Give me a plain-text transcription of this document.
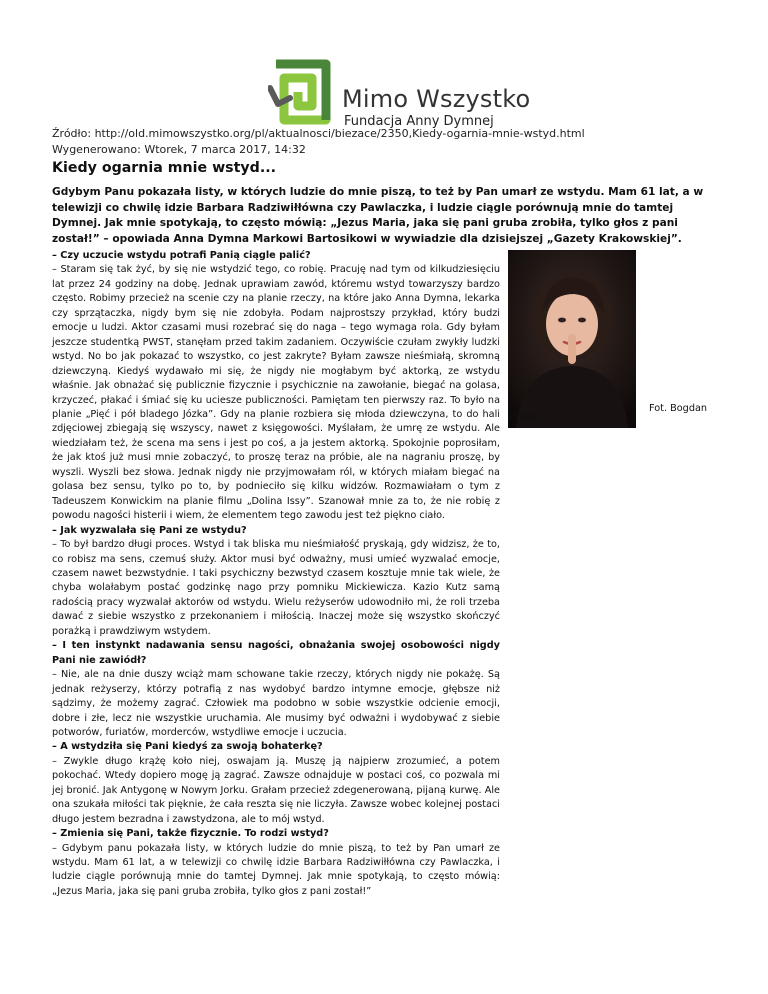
Mimo Wszystko
Fundacja Anny Dymnej
Źródło: http://old.mimowszystko.org/pl/aktualnosci/biezace/2350,Kiedy-ogarnia-mnie-wstyd.html
Wygenerowano: Wtorek, 7 marca 2017, 14:32
Kiedy ogarnia mnie wstyd...

Gdybym Panu pokazała listy, w których ludzie do mnie piszą, to też by Pan umarł ze wstydu. Mam 61 lat, a w telewizji co chwilę idzie Barbara Radziwiłłówna czy Pawlaczka, i ludzie ciągle porównują mnie do tamtej Dymnej. Jak mnie spotykają, to często mówią: „Jezus Maria, jaka się pani gruba zrobiła, tylko głos z pani został!” – opowiada Anna Dymna Markowi Bartosikowi w wywiadzie dla dzisiejszej „Gazety Krakowskiej”.

– Czy uczucie wstydu potrafi Panią ciągle palić?

– Staram się tak żyć, by się nie wstydzić tego, co robię. Pracuję nad tym od kilkudziesięciu lat przez 24 godziny na dobę. Jednak uprawiam zawód, któremu wstyd towarzyszy bardzo często. Robimy przecież na scenie czy na planie rzeczy, na które jako Anna Dymna, lekarka czy sprzątaczka, nigdy bym się nie zdobyła. Podam najprostszy przykład, który budzi emocje u ludzi. Aktor czasami musi rozebrać się do naga – tego wymaga rola. Gdy byłam jeszcze studentką PWST, stanęłam przed takim zadaniem. Oczywiście czułam zwykły ludzki wstyd. No bo jak pokazać to wszystko, co jest zakryte? Byłam zawsze nieśmiałą, skromną dziewczyną. Kiedyś wydawało mi się, że nigdy nie mogłabym być aktorką, ze wstydu właśnie. Jak obnażać się publicznie fizycznie i psychicznie na zawołanie, biegać na golasa, krzyczeć, płakać i śmiać się ku uciesze publiczności. Pamiętam ten pierwszy raz. To było na planie „Pięć i pół bladego Józka”. Gdy na planie rozbiera się młoda dziewczyna, to do hali zdjęciowej zbiegają się wszyscy, nawet z księgowości. Myślałam, że umrę ze wstydu. Ale wiedziałam też, że scena ma sens i jest po coś, a ja jestem aktorką. Spokojnie poprosiłam, że jak ktoś już musi mnie zobaczyć, to proszę teraz na próbie, ale na nagraniu proszę, by wyszli. Wyszli bez słowa. Jednak nigdy nie przyjmowałam ról, w których miałam biegać na golasa bez sensu, tylko po to, by podnieciło się kilku widzów. Rozmawiałam o tym z Tadeuszem Konwickim na planie filmu „Dolina Issy”. Szanował mnie za to, że nie robię z powodu nagości histerii i wiem, że elementem tego zawodu jest też piękno ciało.

– Jak wyzwalała się Pani ze wstydu?

– To był bardzo długi proces. Wstyd i tak bliska mu nieśmiałość pryskają, gdy widzisz, że to, co robisz ma sens, czemuś służy. Aktor musi być odważny, musi umieć wyzwalać emocje, czasem nawet bezwstydnie. I taki psychiczny bezwstyd czasem kosztuje mnie tak wiele, że chyba wolałabym postać godzinkę nago przy pomniku Mickiewicza. Kazio Kutz samą radością pracy wyzwalał aktorów od wstydu. Wielu reżyserów udowodniło mi, że roli trzeba dawać z siebie wszystko z przekonaniem i miłością. Inaczej może się wszystko skończyć porażką i prawdziwym wstydem.

– I ten instynkt nadawania sensu nagości, obnażania swojej osobowości nigdy Pani nie zawiódł?

– Nie, ale na dnie duszy wciąż mam schowane takie rzeczy, których nigdy nie pokażę. Są jednak reżyserzy, którzy potrafią z nas wydobyć bardzo intymne emocje, głębsze niż sądzimy, że możemy zagrać. Człowiek ma podobno w sobie wszystkie odcienie emocji, dobre i złe, lecz nie wszystkie uruchamia. Ale musimy być odważni i wydobywać z siebie potworów, furiatów, morderców, wstydliwe emocje i uczucia.

– A wstydziła się Pani kiedyś za swoją bohaterkę?

– Zwykle długo krążę koło niej, oswajam ją. Muszę ją najpierw zrozumieć, a potem pokochać. Wtedy dopiero mogę ją zagrać. Zawsze odnajduje w postaci coś, co pozwala mi jej bronić. Jak Antygonę w Nowym Jorku. Grałam przecież zdegenerowaną, pijaną kurwę. Ale ona szukała miłości tak pięknie, że cała reszta się nie liczyła. Zawsze wobec kolejnej postaci długo jestem bezradna i zawstydzona, ale to mój wstyd.

– Zmienia się Pani, także fizycznie. To rodzi wstyd?

– Gdybym panu pokazała listy, w których ludzie do mnie piszą, to też by Pan umarł ze wstydu. Mam 61 lat, a w telewizji co chwilę idzie Barbara Radziwiłłówna czy Pawlaczka, i ludzie ciągle porównują mnie do tamtej Dymnej. Jak mnie spotykają, to często mówią: „Jezus Maria, jaka się pani gruba zrobiła, tylko głos z pani został!”

Fot. Bogdan
Krężel
